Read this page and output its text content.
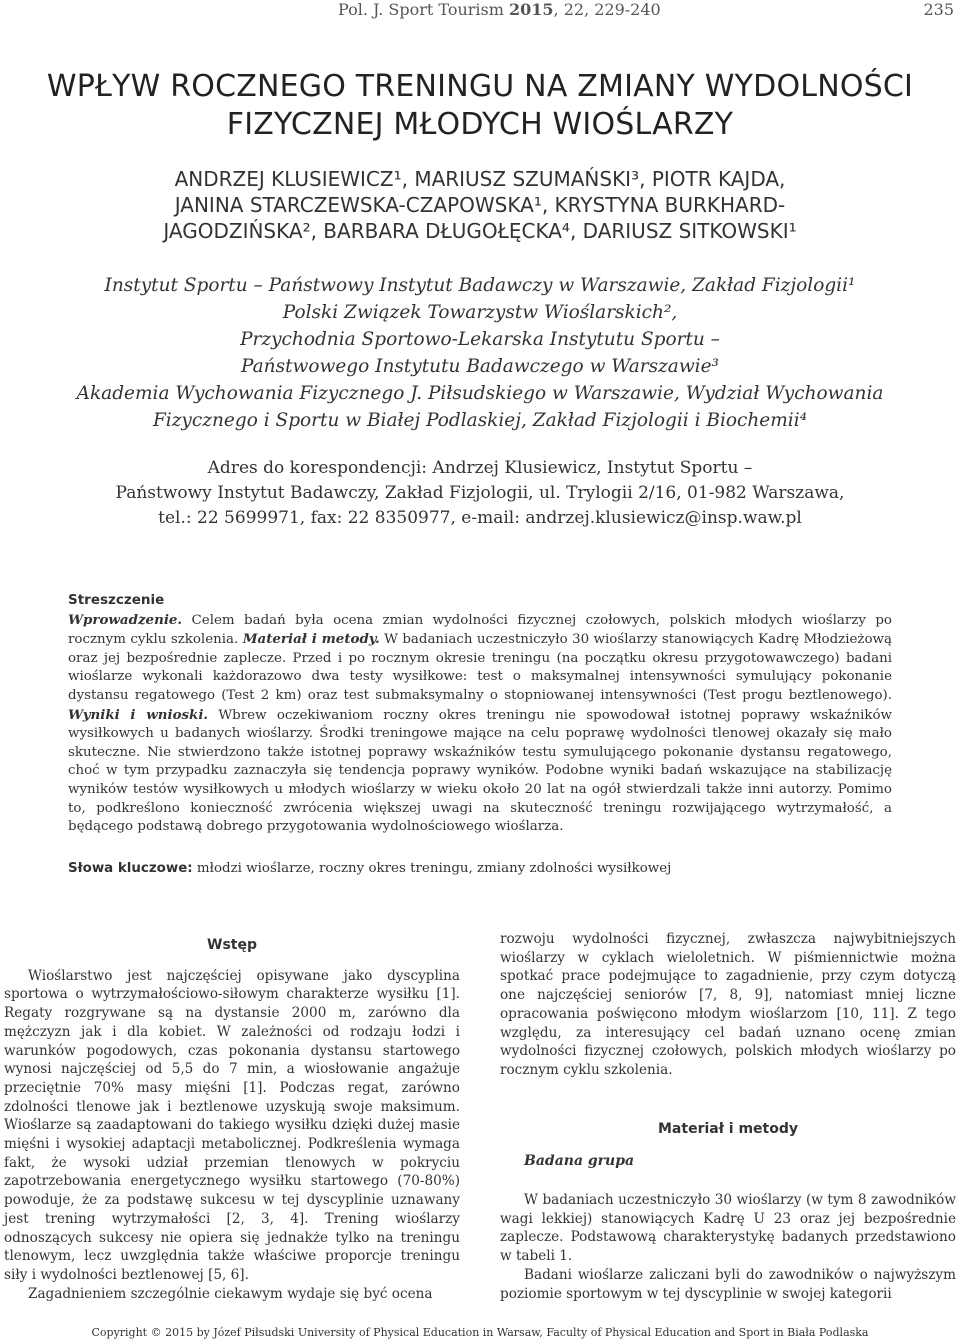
Pol. J. Sport Tourism 2015, 22, 229-240	235
WPŁYW ROCZNEGO TRENINGU NA ZMIANY WYDOLNOŚCI
FIZYCZNEJ MŁODYCH WIOŚLARZY
ANDRZEJ KLUSIEWICZ¹, MARIUSZ SZUMAŃSKI³, PIOTR KAJDA,
JANINA STARCZEWSKA-CZAPOWSKA¹, KRYSTYNA BURKHARD-
JAGODZIŃSKA², BARBARA DŁUGOŁĘCKA⁴, DARIUSZ SITKOWSKI¹
Instytut Sportu – Państwowy Instytut Badawczy w Warszawie, Zakład Fizjologii¹
Polski Związek Towarzystw Wioślarskich²,
Przychodnia Sportowo-Lekarska Instytutu Sportu –
Państwowego Instytutu Badawczego w Warszawie³
Akademia Wychowania Fizycznego J. Piłsudskiego w Warszawie, Wydział Wychowania
Fizycznego i Sportu w Białej Podlaskiej, Zakład Fizjologii i Biochemii⁴
Adres do korespondencji: Andrzej Klusiewicz, Instytut Sportu –
Państwowy Instytut Badawczy, Zakład Fizjologii, ul. Trylogii 2/16, 01-982 Warszawa,
tel.: 22 5699971, fax: 22 8350977, e-mail: andrzej.klusiewicz@insp.waw.pl
Streszczenie
Wprowadzenie. Celem badań była ocena zmian wydolności fizycznej czołowych, polskich młodych wioślarzy po rocznym cyklu szkolenia. Materiał i metody. W badaniach uczestniczyło 30 wioślarzy stanowiących Kadrę Młodzieżową oraz jej bezpośrednie zaplecze. Przed i po rocznym okresie treningu (na początku okresu przygotowawczego) badani wioślarze wykonali każdorazowo dwa testy wysiłkowe: test o maksymalnej intensywności symulujący pokonanie dystansu regatowego (Test 2 km) oraz test submaksymalny o stopniowanej intensywności (Test progu beztlenowego). Wyniki i wnioski. Wbrew oczekiwaniom roczny okres treningu nie spowodował istotnej poprawy wskaźników wysiłkowych u badanych wioślarzy. Środki treningowe mające na celu poprawę wydolności tlenowej okazały się mało skuteczne. Nie stwierdzono także istotnej poprawy wskaźników testu symulującego pokonanie dystansu regatowego, choć w tym przypadku zaznaczyła się tendencja poprawy wyników. Podobne wyniki badań wskazujące na stabilizację wyników testów wysiłkowych u młodych wioślarzy w wieku około 20 lat na ogół stwierdzali także inni autorzy. Pomimo to, podkreślono konieczność zwrócenia większej uwagi na skuteczność treningu rozwijającego wytrzymałość, a będącego podstawą dobrego przygotowania wydolnościowego wioślarza.
Słowa kluczowe: młodzi wioślarze, roczny okres treningu, zmiany zdolności wysiłkowej
Wstęp

Wioślarstwo jest najczęściej opisywane jako dyscyplina sportowa o wytrzymałościowo-siłowym charakterze wysiłku [1]. Regaty rozgrywane są na dystansie 2000 m, zarówno dla mężczyzn jak i dla kobiet. W zależności od rodzaju łodzi i warunków pogodowych, czas pokonania dystansu startowego wynosi najczęściej od 5,5 do 7 min, a wiosłowanie angażuje przeciętnie 70% masy mięśni [1]. Podczas regat, zarówno zdolności tlenowe jak i beztlenowe uzyskują swoje maksimum. Wioślarze są zaadaptowani do takiego wysiłku dzięki dużej masie mięśni i wysokiej adaptacji metabolicznej. Podkreślenia wymaga fakt, że wysoki udział przemian tlenowych w pokryciu zapotrzebowania energetycznego wysiłku startowego (70-80%) powoduje, że za podstawę sukcesu w tej dyscyplinie uznawany jest trening wytrzymałości [2, 3, 4]. Trening wioślarzy odnoszących sukcesy nie opiera się jednakże tylko na treningu tlenowym, lecz uwzględnia także właściwe proporcje treningu siły i wydolności beztlenowej [5, 6].

Zagadnieniem szczególnie ciekawym wydaje się być ocena

rozwoju wydolności fizycznej, zwłaszcza najwybitniejszych wioślarzy w cyklach wieloletnich. W piśmiennictwie można spotkać prace podejmujące to zagadnienie, przy czym dotyczą one najczęściej seniorów [7, 8, 9], natomiast mniej liczne opracowania poświęcono młodym wioślarzom [10, 11]. Z tego względu, za interesujący cel badań uznano ocenę zmian wydolności fizycznej czołowych, polskich młodych wioślarzy po rocznym cyklu szkolenia.

Materiał i metody
Badana grupa

W badaniach uczestniczyło 30 wioślarzy (w tym 8 zawodników wagi lekkiej) stanowiących Kadrę U 23 oraz jej bezpośrednie zaplecze. Podstawową charakterystykę badanych przedstawiono w tabeli 1.

Badani wioślarze zaliczani byli do zawodników o najwyższym poziomie sportowym w tej dyscyplinie w swojej kategorii

Copyright © 2015 by Józef Piłsudski University of Physical Education in Warsaw, Faculty of Physical Education and Sport in Biała Podlaska
